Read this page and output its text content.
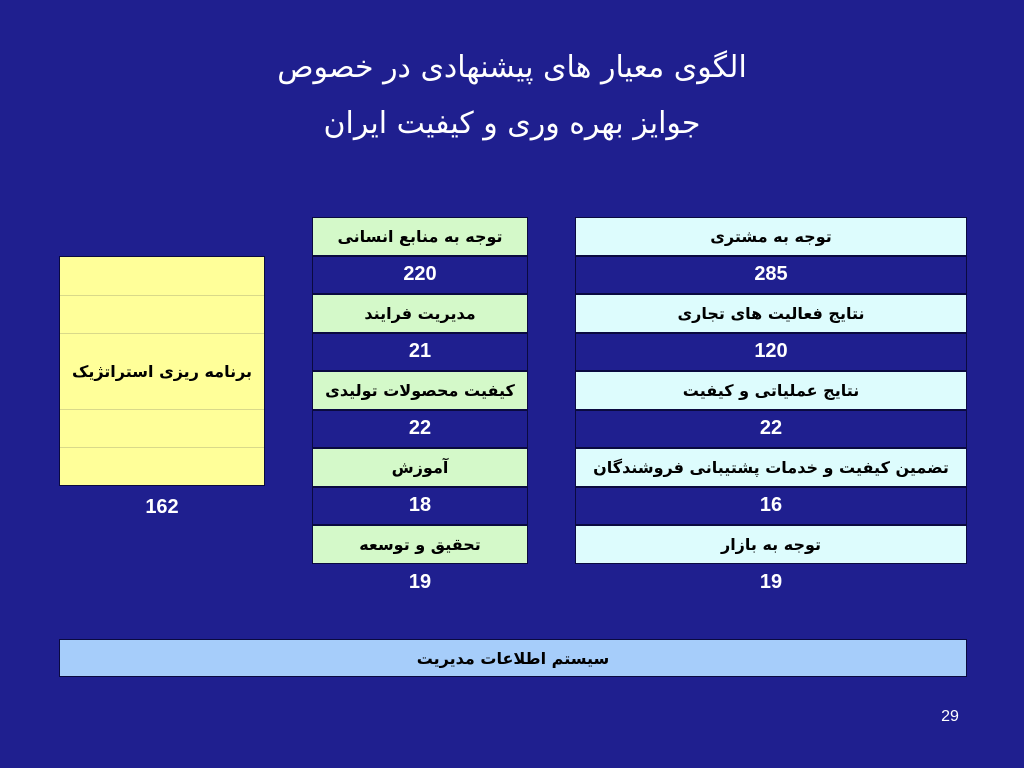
الگوی معیار های پیشنهادی در خصوص
جوایز بهره وری و کیفیت ایران
برنامه ریزی استراتژیک
162
توجه به منابع انسانی
220
مدیریت فرایند
21
کیفیت محصولات تولیدی
22
آموزش
18
تحقیق و توسعه
19
توجه به مشتری
285
نتایج فعالیت های تجاری
120
نتایج عملیاتی و کیفیت
22
تضمین کیفیت و خدمات پشتیبانی فروشندگان
16
توجه به بازار
19
سیستم اطلاعات مدیریت
29
